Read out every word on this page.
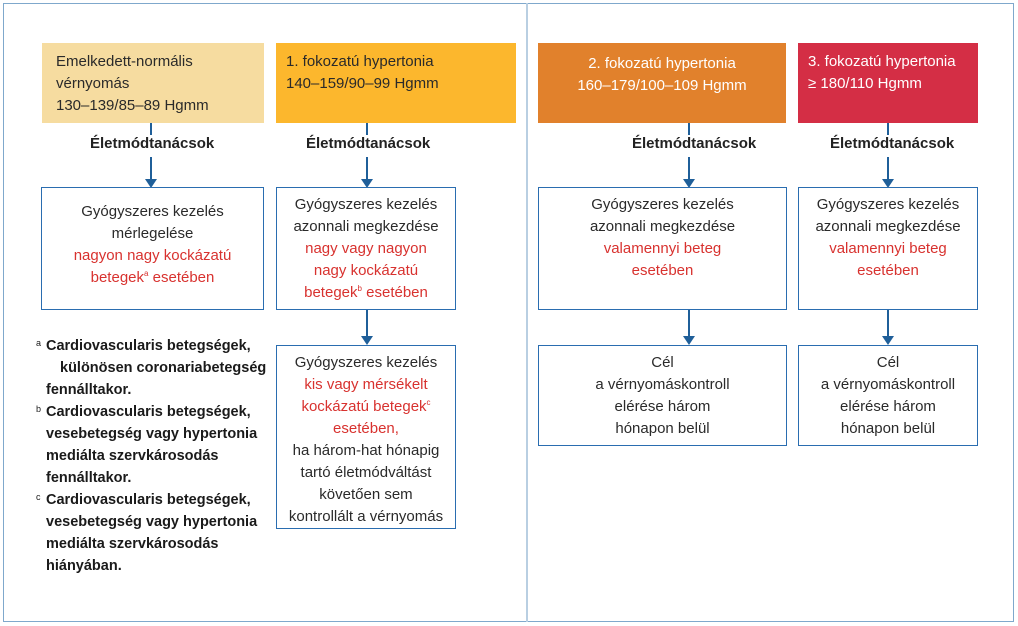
Emelkedett-normális
vérnyomás
130–139/85–89 Hgmm
1. fokozatú hypertonia
140–159/90–99 Hgmm
2. fokozatú hypertonia
160–179/100–109 Hgmm
3. fokozatú hypertonia
≥ 180/110 Hgmm
Életmódtanácsok	Életmódtanácsok	Életmódtanácsok	Életmódtanácsok
Gyógyszeres kezelés
mérlegelése
nagyon nagy kockázatú
betegek$^a$ esetében
Gyógyszeres kezelés
azonnali megkezdése
nagy vagy nagyon
nagy kockázatú
betegek$^b$ esetében
Gyógyszeres kezelés
azonnali megkezdése
valamennyi beteg
esetében
Gyógyszeres kezelés
azonnali megkezdése
valamennyi beteg
esetében
Gyógyszeres kezelés
kis vagy mérsékelt
kockázatú betegek$^c$
esetében,
ha három-hat hónapig
tartó életmódváltást
követően sem
kontrollált a vérnyomás
Cél
a vérnyomáskontroll
elérése három
hónapon belül
Cél
a vérnyomáskontroll
elérése három
hónapon belül
a Cardiovascularis betegségek,
különösen coronariabetegség
fennálltakor.
b Cardiovascularis betegségek,
vesebetegség vagy hypertonia
mediálta szervkárosodás
fennálltakor.
c Cardiovascularis betegségek,
vesebetegség vagy hypertonia
mediálta szervkárosodás
hiányában.
